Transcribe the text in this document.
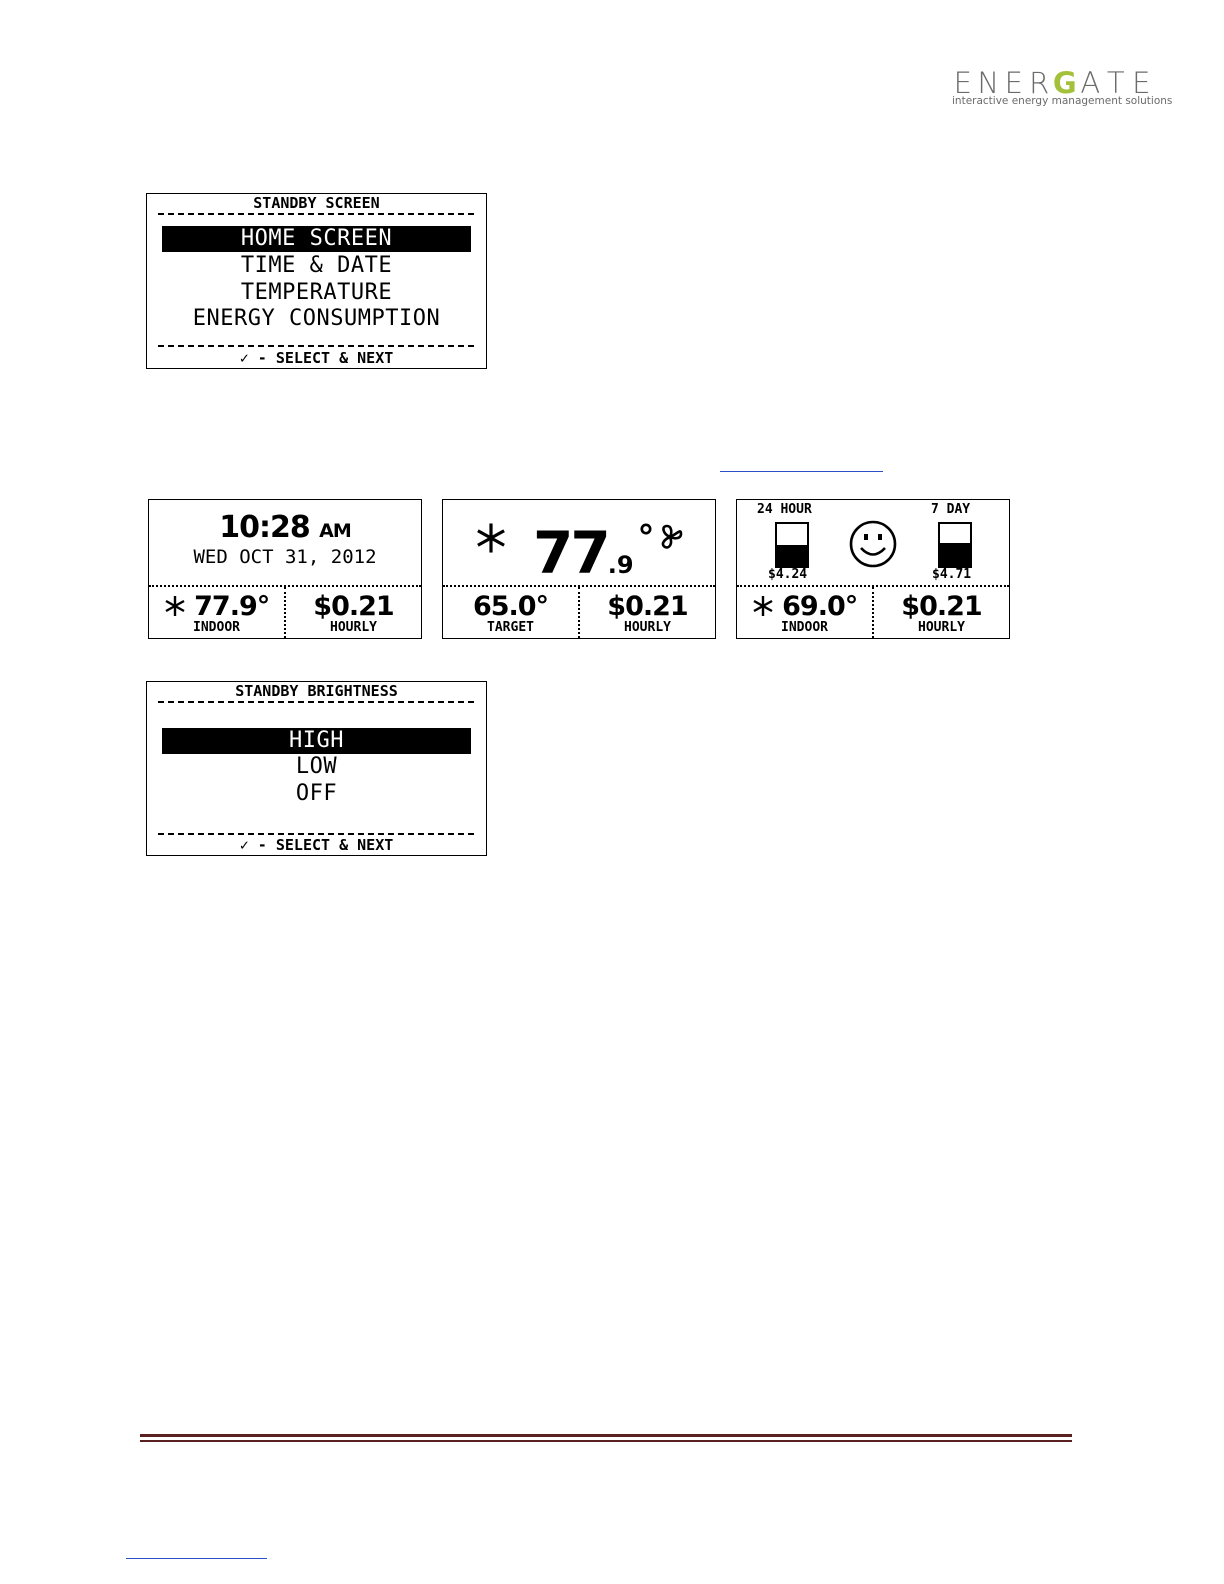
E N E R G A T E
interactive energy management solutions
STANDBY SCREEN
HOME SCREEN
TIME & DATE
TEMPERATURE
ENERGY CONSUMPTION
✓ - SELECT & NEXT
10:28 AM
WED OCT 31, 2012
77.9°
INDOOR
$0.21
HOURLY
77.9°
65.0°
TARGET
$0.21
HOURLY
24 HOUR
$4.24
7 DAY
$4.71
69.0°
INDOOR
$0.21
HOURLY
STANDBY BRIGHTNESS
HIGH
LOW
OFF
✓ - SELECT & NEXT
